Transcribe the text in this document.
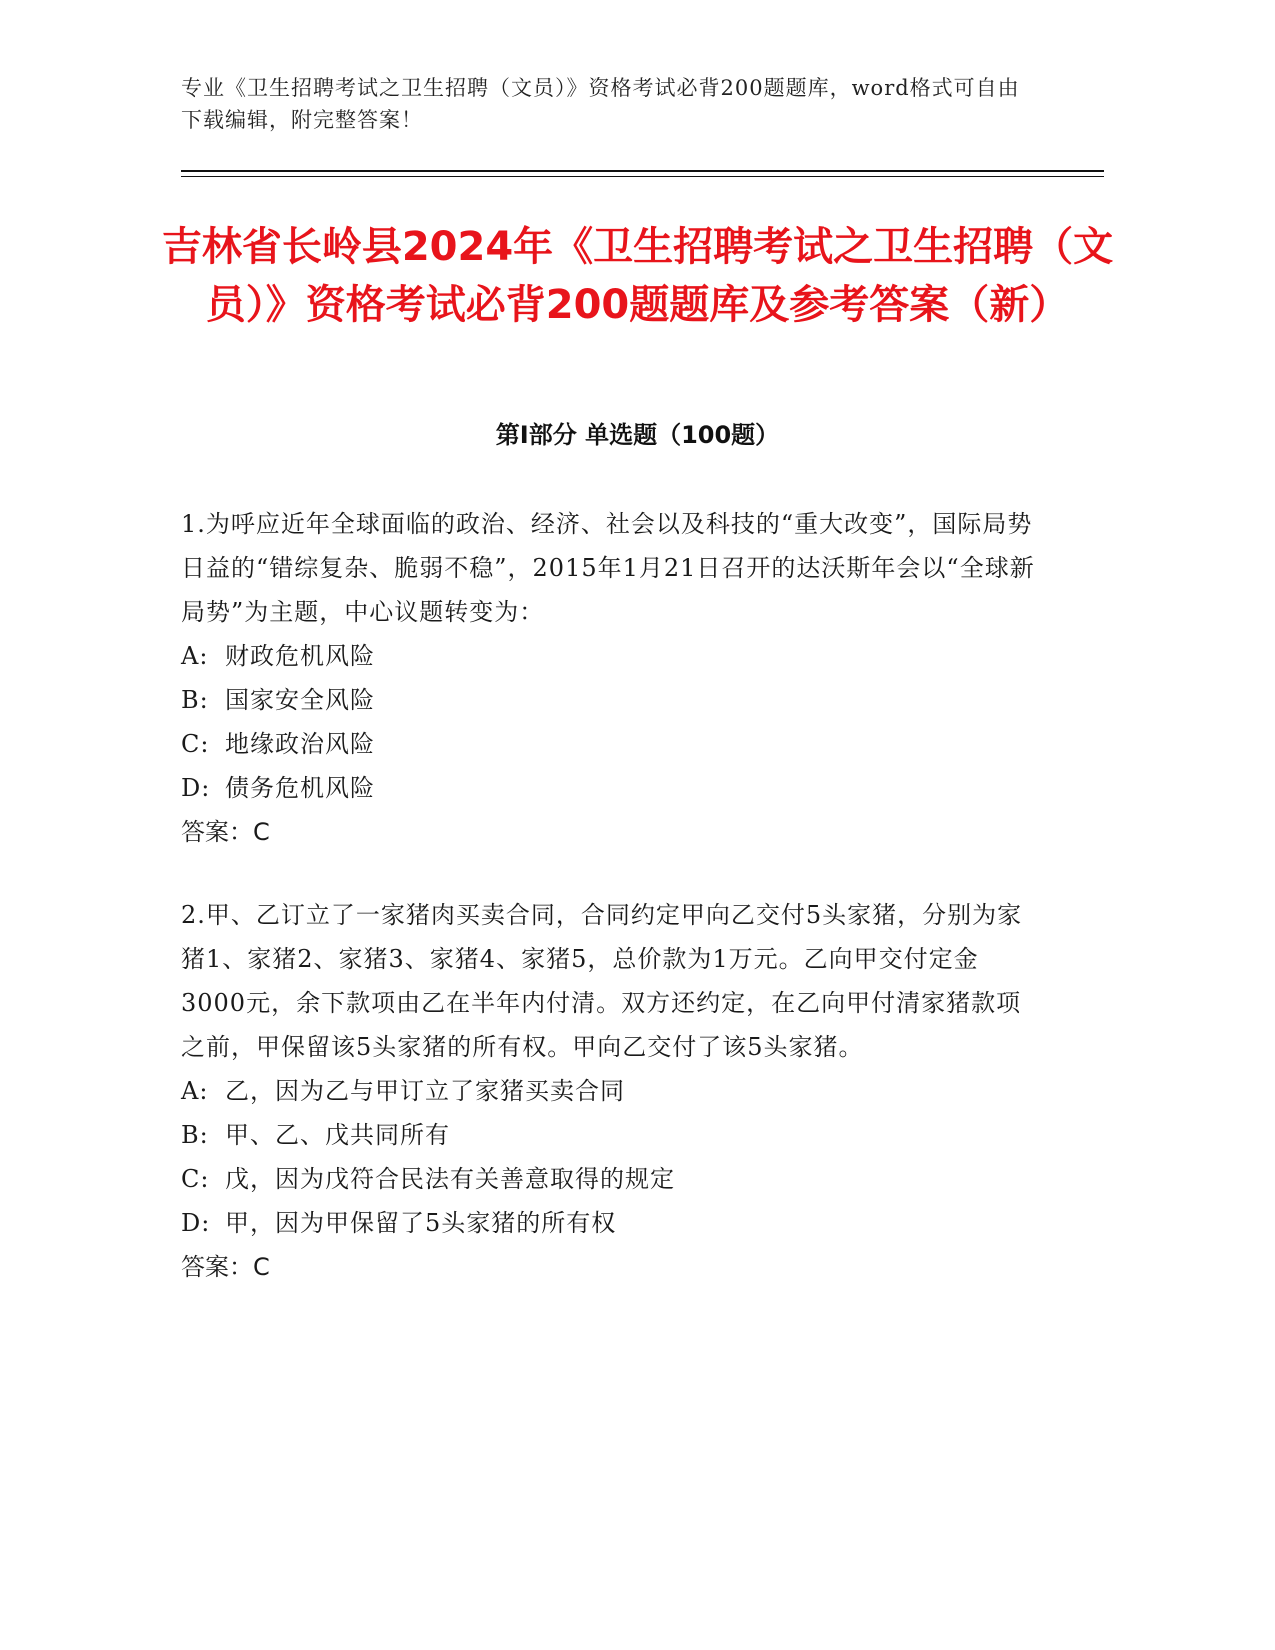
专业《卫生招聘考试之卫生招聘（文员）》资格考试必背200题题库，word格式可自由下载编辑，附完整答案！
吉林省长岭县2024年《卫生招聘考试之卫生招聘（文员）》资格考试必背200题题库及参考答案（新）
第I部分 单选题（100题）

1.为呼应近年全球面临的政治、经济、社会以及科技的“重大改变”，国际局势日益的“错综复杂、脆弱不稳”，2015年1月21日召开的达沃斯年会以“全球新局势”为主题，中心议题转变为：

A: 财政危机风险

B: 国家安全风险

C: 地缘政治风险

D: 债务危机风险

答案：C

2.甲、乙订立了一家猪肉买卖合同，合同约定甲向乙交付5头家猪，分别为家猪1、家猪2、家猪3、家猪4、家猪5，总价款为1万元。乙向甲交付定金3000元，余下款项由乙在半年内付清。双方还约定，在乙向甲付清家猪款项之前，甲保留该5头家猪的所有权。甲向乙交付了该5头家猪。

A: 乙，因为乙与甲订立了家猪买卖合同

B: 甲、乙、戊共同所有

C: 戊，因为戊符合民法有关善意取得的规定

D: 甲，因为甲保留了5头家猪的所有权

答案：C
